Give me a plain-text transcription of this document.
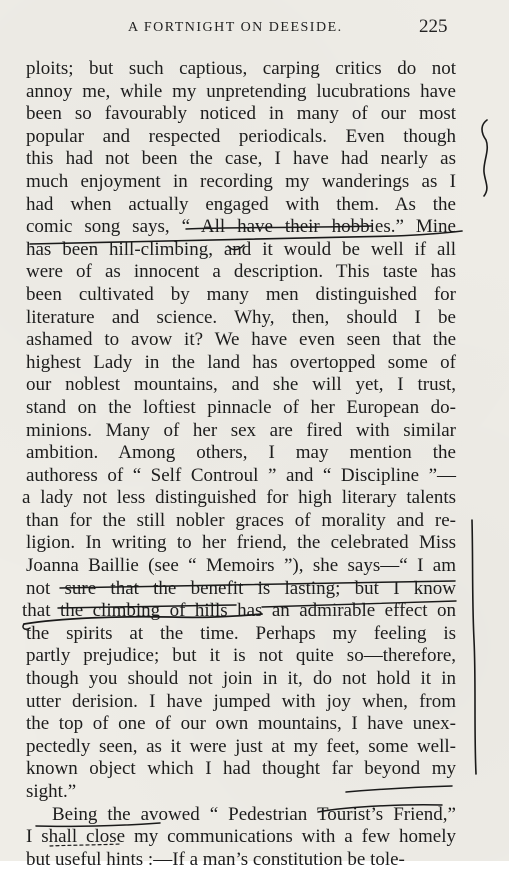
A FORTNIGHT ON DEESIDE.	225
ploits; but such captious, carping critics do not
annoy me, while my unpretending lucubrations have
been so favourably noticed in many of our most
popular and respected periodicals. Even though
this had not been the case, I have had nearly as
much enjoyment in recording my wanderings as I
had when actually engaged with them. As the
comic song says, “ All have their hobbies.” Mine
has been hill-climbing, and it would be well if all
were of as innocent a description. This taste has
been cultivated by many men distinguished for
literature and science. Why, then, should I be
ashamed to avow it? We have even seen that the
highest Lady in the land has overtopped some of
our noblest mountains, and she will yet, I trust,
stand on the loftiest pinnacle of her European do-
minions. Many of her sex are fired with similar
ambition. Among others, I may mention the
authoress of “ Self Controul ” and “ Discipline ”—
a lady not less distinguished for high literary talents
than for the still nobler graces of morality and re-
ligion. In writing to her friend, the celebrated Miss
Joanna Baillie (see “ Memoirs ”), she says—“ I am
not sure that the benefit is lasting; but I know
that the climbing of hills has an admirable effect on
the spirits at the time. Perhaps my feeling is
partly prejudice; but it is not quite so—therefore,
though you should not join in it, do not hold it in
utter derision. I have jumped with joy when, from
the top of one of our own mountains, I have unex-
pectedly seen, as it were just at my feet, some well-
known object which I had thought far beyond my
sight.”
Being the avowed “ Pedestrian Tourist’s Friend,”
I shall close my communications with a few homely
but useful hints :—If a man’s constitution be tole-
